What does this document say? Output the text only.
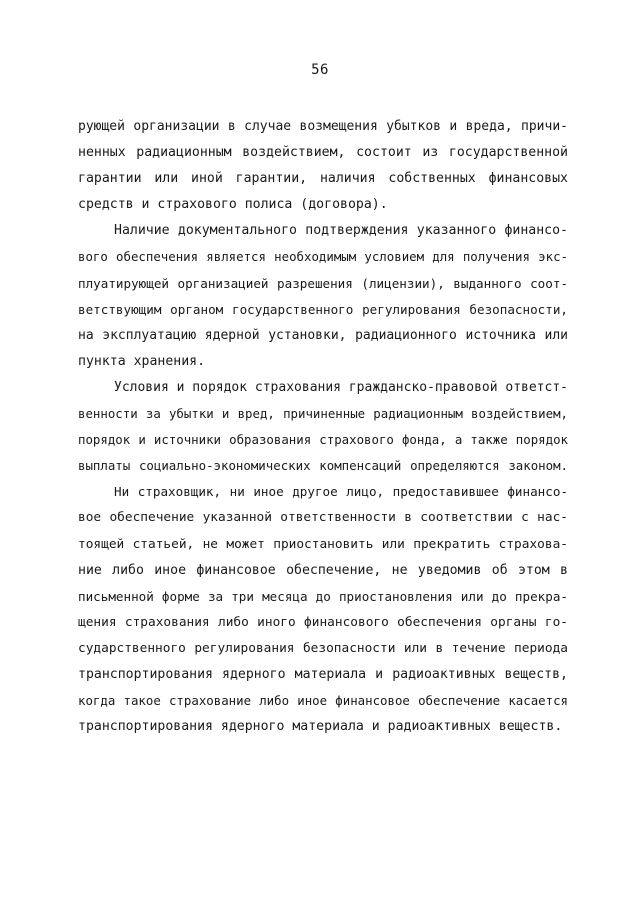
56
рующей организации в случае возмещения убытков и вреда, причи-
ненных радиационным воздействием, состоит из государственной
гарантии или иной гарантии, наличия собственных финансовых
средств и страхового полиса (договора).
Наличие документального подтверждения указанного финансо-
вого обеспечения является необходимым условием для получения экс-
плуатирующей организацией разрешения (лицензии), выданного соот-
ветствующим органом государственного регулирования безопасности,
на эксплуатацию ядерной установки, радиационного источника или
пункта хранения.
Условия и порядок страхования гражданско-правовой ответст-
венности за убытки и вред, причиненные радиационным воздействием,
порядок и источники образования страхового фонда, а также порядок
выплаты социально-экономических компенсаций определяются законом.
Ни страховщик, ни иное другое лицо, предоставившее финансо-
вое обеспечение указанной ответственности в соответствии с нас-
тоящей статьей, не может приостановить или прекратить страхова-
ние либо иное финансовое обеспечение, не уведомив об этом в
письменной форме за три месяца до приостановления или до прекра-
щения страхования либо иного финансового обеспечения органы го-
сударственного регулирования безопасности или в течение периода
транспортирования ядерного материала и радиоактивных веществ,
когда такое страхование либо иное финансовое обеспечение касается
транспортирования ядерного материала и радиоактивных веществ.
